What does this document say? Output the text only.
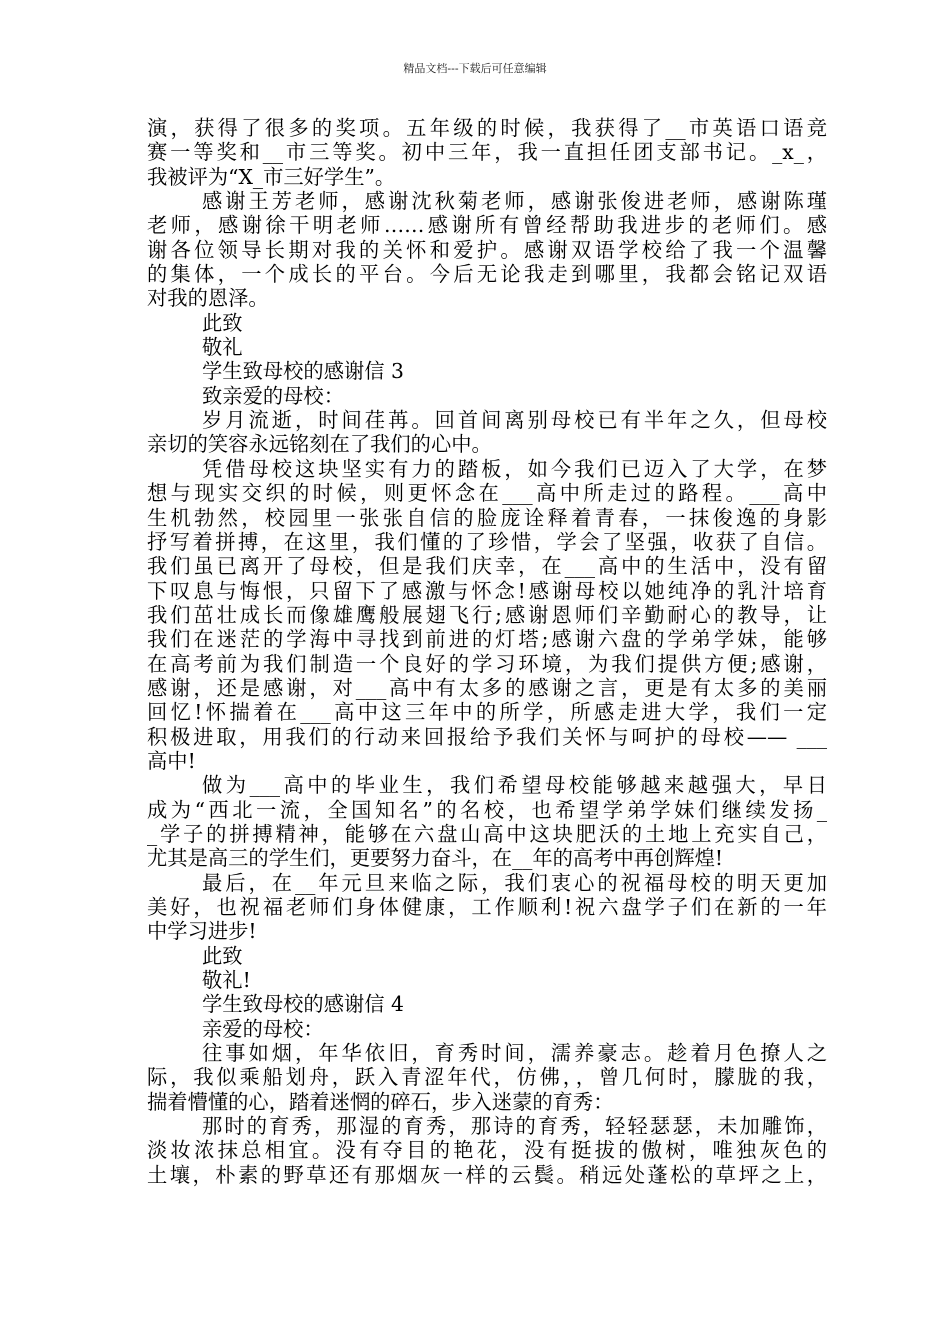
精品文档---下载后可任意编辑

演，获得了很多的奖项。五年级的时候，我获得了__市英语口语竞

赛一等奖和__市三等奖。初中三年，我一直担任团支部书记。_x_，

我被评为“X_市三好学生”。

感谢王芳老师，感谢沈秋菊老师，感谢张俊进老师，感谢陈瑾

老师，感谢徐干明老师……感谢所有曾经帮助我进步的老师们。感

谢各位领导长期对我的关怀和爱护。感谢双语学校给了我一个温馨

的集体，一个成长的平台。今后无论我走到哪里，我都会铭记双语

对我的恩泽。

此致

敬礼

学生致母校的感谢信 3

致亲爱的母校：

岁月流逝，时间荏苒。回首间离别母校已有半年之久，但母校

亲切的笑容永远铭刻在了我们的心中。

凭借母校这块坚实有力的踏板，如今我们已迈入了大学，在梦

想与现实交织的时候，则更怀念在___高中所走过的路程。___高中

生机勃然，校园里一张张自信的脸庞诠释着青春，一抹俊逸的身影

抒写着拼搏，在这里，我们懂的了珍惜，学会了坚强，收获了自信。

我们虽已离开了母校，但是我们庆幸，在___高中的生活中，没有留

下叹息与悔恨，只留下了感激与怀念!感谢母校以她纯净的乳汁培育

我们茁壮成长而像雄鹰般展翅飞行;感谢恩师们辛勤耐心的教导，让

我们在迷茫的学海中寻找到前进的灯塔;感谢六盘的学弟学妹，能够

在高考前为我们制造一个良好的学习环境，为我们提供方便;感谢，

感谢，还是感谢，对___高中有太多的感谢之言，更是有太多的美丽

回忆!怀揣着在___高中这三年中的所学，所感走进大学，我们一定

积极进取，用我们的行动来回报给予我们关怀与呵护的母校—— ___

高中!

做为___高中的毕业生，我们希望母校能够越来越强大，早日

成为“西北一流，全国知名”的名校，也希望学弟学妹们继续发扬_

_学子的拼搏精神，能够在六盘山高中这块肥沃的土地上充实自己，

尤其是高三的学生们，更要努力奋斗，在__年的高考中再创辉煌!

最后，在__年元旦来临之际，我们衷心的祝福母校的明天更加

美好，也祝福老师们身体健康，工作顺利!祝六盘学子们在新的一年

中学习进步!

此致

敬礼!

学生致母校的感谢信 4

亲爱的母校：

往事如烟，年华依旧，育秀时间，濡养豪志。趁着月色撩人之

际，我似乘船划舟，跃入青涩年代，仿佛，，曾几何时，朦胧的我，

揣着懵懂的心，踏着迷惘的碎石，步入迷蒙的育秀：

那时的育秀，那湿的育秀，那诗的育秀，轻轻瑟瑟，未加雕饰，

淡妆浓抹总相宜。没有夺目的艳花，没有挺拔的傲树，唯独灰色的

土壤，朴素的野草还有那烟灰一样的云鬓。稍远处蓬松的草坪之上，
